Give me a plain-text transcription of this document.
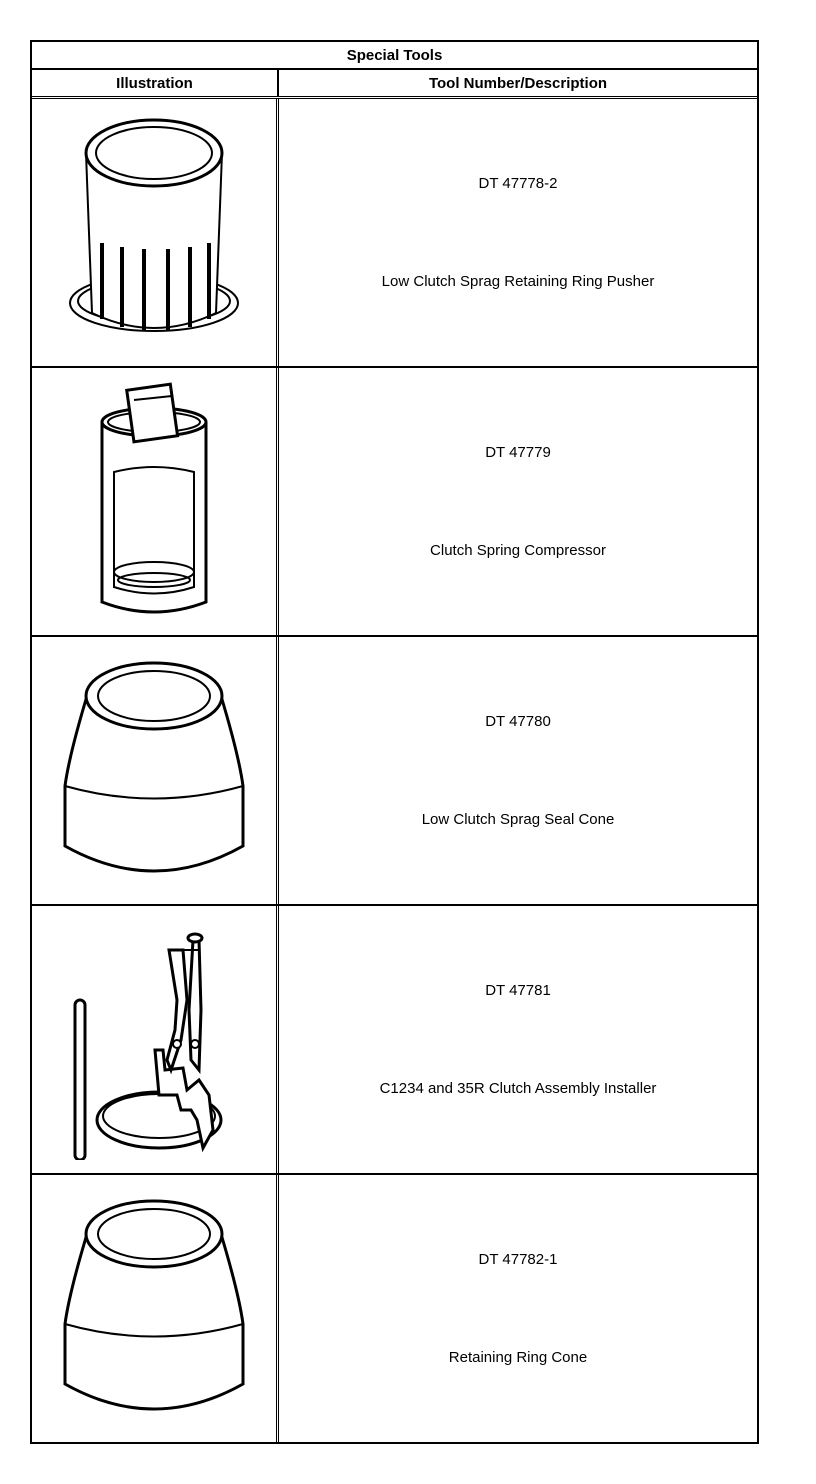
Special Tools
Illustration	Tool Number/Description
DT 47778-2
Low Clutch Sprag Retaining Ring Pusher
DT 47779
Clutch Spring Compressor
DT 47780
Low Clutch Sprag Seal Cone
DT 47781
C1234 and 35R Clutch Assembly Installer
DT 47782-1
Retaining Ring Cone
